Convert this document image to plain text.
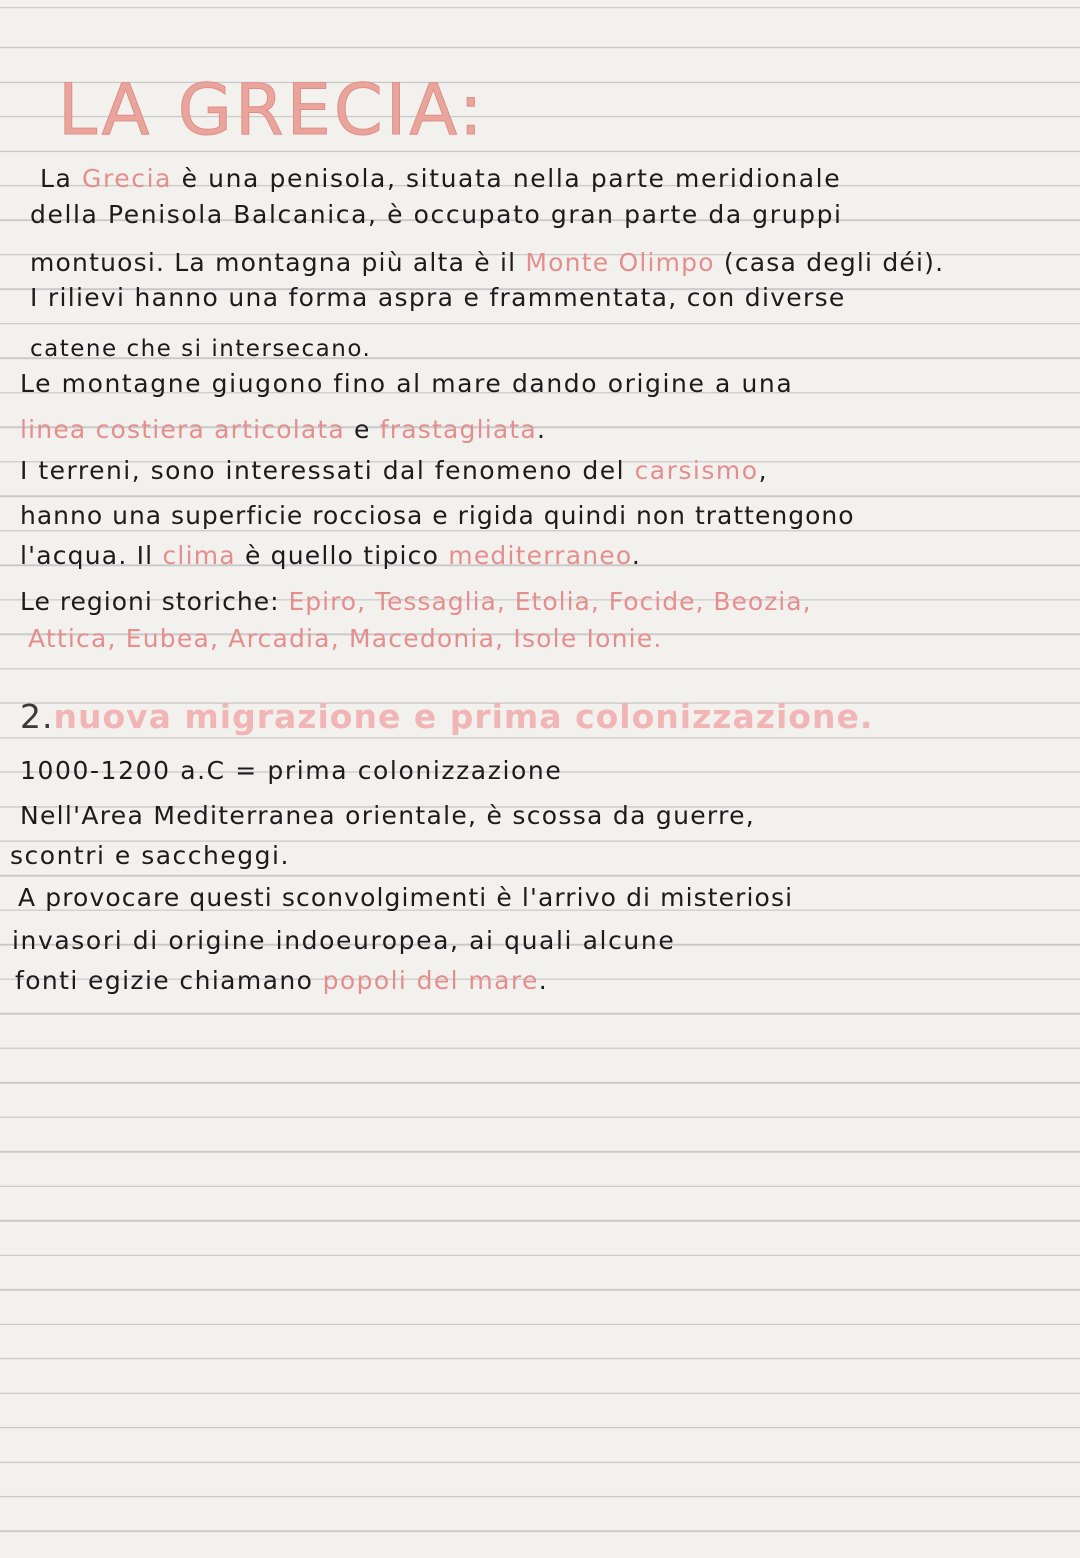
LA GRECIA:
La Grecia è una penisola, situata nella parte meridionale
della Penisola Balcanica, è occupato gran parte da gruppi
montuosi. La montagna più alta è il Monte Olimpo (casa degli déi).
I rilievi hanno una forma aspra e frammentata, con diverse
catene che si intersecano.
Le montagne giugono fino al mare dando origine a una
linea costiera articolata e frastagliata.
I terreni, sono interessati dal fenomeno del carsismo,
hanno una superficie rocciosa e rigida quindi non trattengono
l'acqua. Il clima è quello tipico mediterraneo.
Le regioni storiche: Epiro, Tessaglia, Etolia, Focide, Beozia,
Attica, Eubea, Arcadia, Macedonia, Isole Ionie.
2.nuova migrazione e prima colonizzazione.
1000-1200 a.C = prima colonizzazione
Nell'Area Mediterranea orientale, è scossa da guerre,
scontri e saccheggi.
A provocare questi sconvolgimenti è l'arrivo di misteriosi
invasori di origine indoeuropea, ai quali alcune
fonti egizie chiamano popoli del mare.
